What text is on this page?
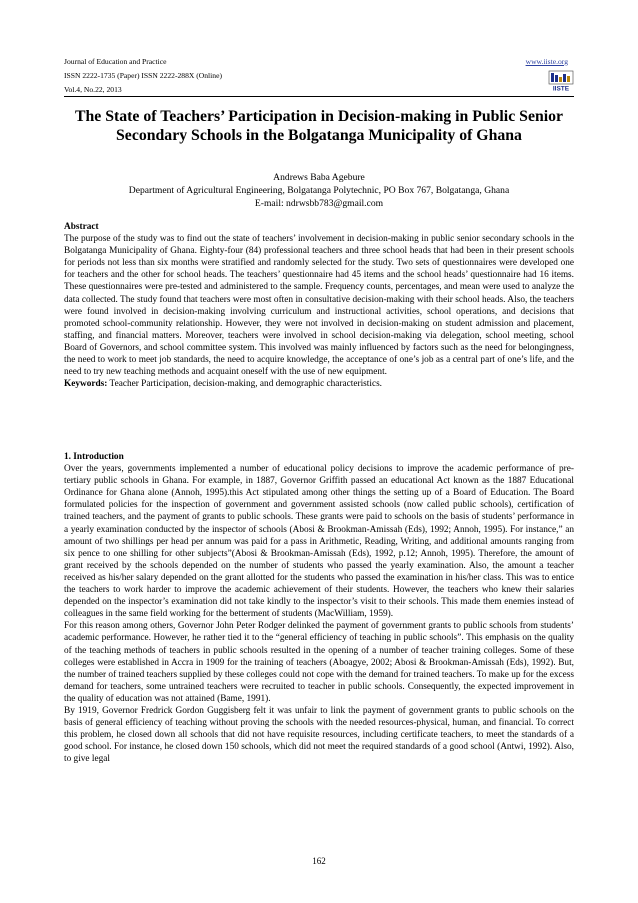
Journal of Education and Practice
ISSN 2222-1735 (Paper) ISSN 2222-288X (Online)
Vol.4, No.22, 2013
www.iiste.org
IISTE
The State of Teachers’ Participation in Decision-making in Public Senior Secondary Schools in the Bolgatanga Municipality of Ghana
Andrews Baba Agebure
Department of Agricultural Engineering, Bolgatanga Polytechnic, PO Box 767, Bolgatanga, Ghana
E-mail: ndrwsbb783@gmail.com
Abstract

The purpose of the study was to find out the state of teachers’ involvement in decision-making in public senior secondary schools in the Bolgatanga Municipality of Ghana. Eighty-four (84) professional teachers and three school heads that had been in their present schools for periods not less than six months were stratified and randomly selected for the study. Two sets of questionnaires were developed one for teachers and the other for school heads. The teachers’ questionnaire had 45 items and the school heads’ questionnaire had 16 items. These questionnaires were pre-tested and administered to the sample. Frequency counts, percentages, and mean were used to analyze the data collected. The study found that teachers were most often in consultative decision-making with their school heads. Also, the teachers were found involved in decision-making involving curriculum and instructional activities, school operations, and decisions that promoted school-community relationship. However, they were not involved in decision-making on student admission and placement, staffing, and financial matters. Moreover, teachers were involved in school decision-making via delegation, school meeting, school Board of Governors, and school committee system. This involved was mainly influenced by factors such as the need for belongingness, the need to work to meet job standards, the need to acquire knowledge, the acceptance of one’s job as a central part of one’s life, and the need to try new teaching methods and acquaint oneself with the use of new equipment.

Keywords: Teacher Participation, decision-making, and demographic characteristics.

1. Introduction

Over the years, governments implemented a number of educational policy decisions to improve the academic performance of pre-tertiary public schools in Ghana. For example, in 1887, Governor Griffith passed an educational Act known as the 1887 Educational Ordinance for Ghana alone (Annoh, 1995).this Act stipulated among other things the setting up of a Board of Education. The Board formulated policies for the inspection of government and government assisted schools (now called public schools), certification of trained teachers, and the payment of grants to public schools. These grants were paid to schools on the basis of students’ performance in a yearly examination conducted by the inspector of schools (Abosi & Brookman-Amissah (Eds), 1992; Annoh, 1995). For instance,” an amount of two shillings per head per annum was paid for a pass in Arithmetic, Reading, Writing, and additional amounts ranging from six pence to one shilling for other subjects”(Abosi & Brookman-Amissah (Eds), 1992, p.12; Annoh, 1995). Therefore, the amount of grant received by the schools depended on the number of students who passed the yearly examination. Also, the amount a teacher received as his/her salary depended on the grant allotted for the students who passed the examination in his/her class. This was to entice the teachers to work harder to improve the academic achievement of their students. However, the teachers who knew their salaries depended on the inspector’s examination did not take kindly to the inspector’s visit to their schools. This made them enemies instead of colleagues in the same field working for the betterment of students (MacWilliam, 1959).

For this reason among others, Governor John Peter Rodger delinked the payment of government grants to public schools from students’ academic performance. However, he rather tied it to the “general efficiency of teaching in public schools”. This emphasis on the quality of the teaching methods of teachers in public schools resulted in the opening of a number of teacher training colleges. Some of these colleges were established in Accra in 1909 for the training of teachers (Aboagye, 2002; Abosi & Brookman-Amissah (Eds), 1992). But, the number of trained teachers supplied by these colleges could not cope with the demand for trained teachers. To make up for the excess demand for teachers, some untrained teachers were recruited to teacher in public schools. Consequently, the expected improvement in the quality of education was not attained (Bame, 1991).

By 1919, Governor Fredrick Gordon Guggisberg felt it was unfair to link the payment of government grants to public schools on the basis of general efficiency of teaching without proving the schools with the needed resources-physical, human, and financial. To correct this problem, he closed down all schools that did not have requisite resources, including certificate teachers, to meet the standards of a good school. For instance, he closed down 150 schools, which did not meet the required standards of a good school (Antwi, 1992). Also, to give legal

162
